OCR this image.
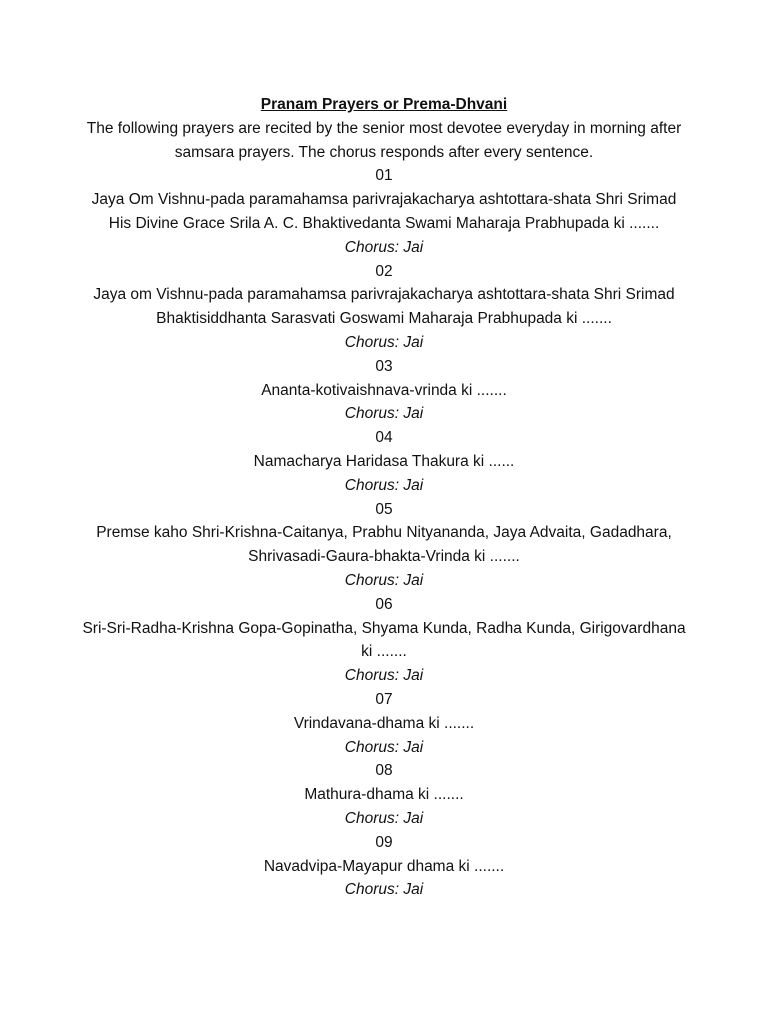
Pranam Prayers or Prema-Dhvani
The following prayers are recited by the senior most devotee everyday in morning after samsara prayers. The chorus responds after every sentence.
01
Jaya Om Vishnu-pada paramahamsa parivrajakacharya ashtottara-shata Shri Srimad His Divine Grace Srila A. C. Bhaktivedanta Swami Maharaja Prabhupada ki .......
Chorus: Jai
02
Jaya om Vishnu-pada paramahamsa parivrajakacharya ashtottara-shata Shri Srimad Bhaktisiddhanta Sarasvati Goswami Maharaja Prabhupada ki .......
Chorus: Jai
03
Ananta-kotivaishnava-vrinda ki .......
Chorus: Jai
04
Namacharya Haridasa Thakura ki ......
Chorus: Jai
05
Premse kaho Shri-Krishna-Caitanya, Prabhu Nityananda, Jaya Advaita, Gadadhara, Shrivasadi-Gaura-bhakta-Vrinda ki .......
Chorus: Jai
06
Sri-Sri-Radha-Krishna Gopa-Gopinatha, Shyama Kunda, Radha Kunda, Girigovardhana ki .......
Chorus: Jai
07
Vrindavana-dhama ki .......
Chorus: Jai
08
Mathura-dhama ki .......
Chorus: Jai
09
Navadvipa-Mayapur dhama ki .......
Chorus: Jai
